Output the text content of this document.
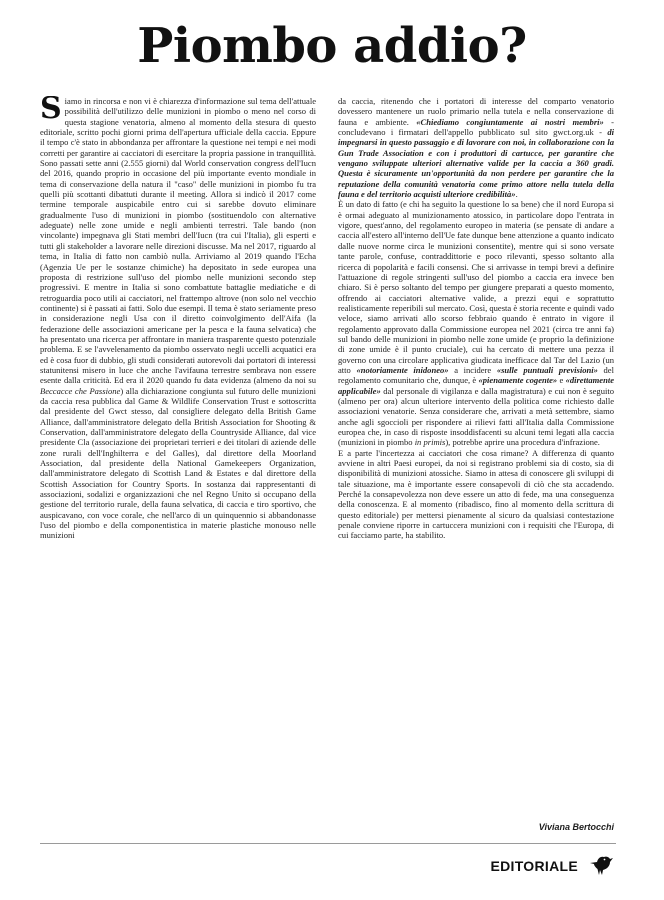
Piombo addio?

Siamo in rincorsa e non vi è chiarezza d'informazione sul tema dell'attuale possibilità dell'utilizzo delle munizioni in piombo o meno nel corso di questa stagione venatoria, almeno al momento della stesura di questo editoriale, scritto pochi giorni prima dell'apertura ufficiale della caccia. Eppure il tempo c'è stato in abbondanza per affrontare la questione nei tempi e nei modi corretti per garantire ai cacciatori di esercitare la propria passione in tranquillità. Sono passati sette anni (2.555 giorni) dal World conservation congress dell'Iucn del 2016, quando proprio in occasione del più importante evento mondiale in tema di conservazione della natura il "caso" delle munizioni in piombo fu tra quelli più scottanti dibattuti durante il meeting. Allora si indicò il 2017 come termine temporale auspicabile entro cui si sarebbe dovuto eliminare gradualmente l'uso di munizioni in piombo (sostituendolo con alternative adeguate) nelle zone umide e negli ambienti terrestri. Tale bando (non vincolante) impegnava gli Stati membri dell'Iucn (tra cui l'Italia), gli esperti e tutti gli stakeholder a lavorare nelle direzioni discusse. Ma nel 2017, riguardo al tema, in Italia di fatto non cambiò nulla. Arriviamo al 2019 quando l'Echa (Agenzia Ue per le sostanze chimiche) ha depositato in sede europea una proposta di restrizione sull'uso del piombo nelle munizioni secondo step progressivi. E mentre in Italia si sono combattute battaglie mediatiche e di retroguardia poco utili ai cacciatori, nel frattempo altrove (non solo nel vecchio continente) si è passati ai fatti. Solo due esempi. Il tema è stato seriamente preso in considerazione negli Usa con il diretto coinvolgimento dell'Aifa (la federazione delle associazioni americane per la pesca e la fauna selvatica) che ha presentato una ricerca per affrontare in maniera trasparente questo potenziale problema. E se l'avvelenamento da piombo osservato negli uccelli acquatici era ed è cosa fuor di dubbio, gli studi considerati autorevoli dai portatori di interessi statunitensi misero in luce che anche l'avifauna terrestre sembrava non essere esente dalla criticità. Ed era il 2020 quando fu data evidenza (almeno da noi su Beccacce che Passione) alla dichiarazione congiunta sul futuro delle munizioni da caccia resa pubblica dal Game & Wildlife Conservation Trust e sottoscritta dal presidente del Gwct stesso, dal consigliere delegato della British Game Alliance, dall'amministratore delegato della British Association for Shooting & Conservation, dall'amministratore delegato della Countryside Alliance, dal vice presidente Cla (associazione dei proprietari terrieri e dei titolari di aziende delle zone rurali dell'Inghilterra e del Galles), dal direttore della Moorland Association, dal presidente della National Gamekeepers Organization, dall'amministratore delegato di Scottish Land & Estates e dal direttore della Scottish Association for Country Sports. In sostanza dai rappresentanti di associazioni, sodalizi e organizzazioni che nel Regno Unito si occupano della gestione del territorio rurale, della fauna selvatica, di caccia e tiro sportivo, che auspicavano, con voce corale, che nell'arco di un quinquennio si abbandonasse l'uso del piombo e della componentistica in materie plastiche monouso nelle munizioni

da caccia, ritenendo che i portatori di interesse del comparto venatorio dovessero mantenere un ruolo primario nella tutela e nella conservazione di fauna e ambiente. «Chiediamo congiuntamente ai nostri membri» - concludevano i firmatari dell'appello pubblicato sul sito gwct.org.uk - di impegnarsi in questo passaggio e di lavorare con noi, in collaborazione con la Gun Trade Association e con i produttori di cartucce, per garantire che vengano sviluppate ulteriori alternative valide per la caccia a 360 gradi. Questa è sicuramente un'opportunità da non perdere per garantire che la reputazione della comunità venatoria come primo attore nella tutela della fauna e del territorio acquisti ulteriore credibilità».

È un dato di fatto (e chi ha seguito la questione lo sa bene) che il nord Europa si è ormai adeguato al munizionamento atossico, in particolare dopo l'entrata in vigore, quest'anno, del regolamento europeo in materia (se pensate di andare a caccia all'estero all'interno dell'Ue fate dunque bene attenzione a quanto indicato dalle nuove norme circa le munizioni consentite), mentre qui si sono versate tante parole, confuse, contraddittorie e poco rilevanti, spesso soltanto alla ricerca di popolarità e facili consensi. Che si arrivasse in tempi brevi a definire l'attuazione di regole stringenti sull'uso del piombo a caccia era invece ben chiaro. Si è perso soltanto del tempo per giungere preparati a questo momento, offrendo ai cacciatori alternative valide, a prezzi equi e soprattutto realisticamente reperibili sul mercato. Così, questa è storia recente e quindi vado veloce, siamo arrivati allo scorso febbraio quando è entrato in vigore il regolamento approvato dalla Commissione europea nel 2021 (circa tre anni fa) sul bando delle munizioni in piombo nelle zone umide (e proprio la definizione di zone umide è il punto cruciale), cui ha cercato di mettere una pezza il governo con una circolare applicativa giudicata inefficace dal Tar del Lazio (un atto «notoriamente inidoneo» a incidere «sulle puntuali previsioni» del regolamento comunitario che, dunque, è «pienamente cogente» e «direttamente applicabile» dal personale di vigilanza e dalla magistratura) e cui non è seguito (almeno per ora) alcun ulteriore intervento della politica come richiesto dalle associazioni venatorie. Senza considerare che, arrivati a metà settembre, siamo anche agli sgoccioli per rispondere ai rilievi fatti all'Italia dalla Commissione europea che, in caso di risposte insoddisfacenti su alcuni temi legati alla caccia (munizioni in piombo in primis), potrebbe aprire una procedura d'infrazione.

E a parte l'incertezza ai cacciatori che cosa rimane? A differenza di quanto avviene in altri Paesi europei, da noi si registrano problemi sia di costo, sia di disponibilità di munizioni atossiche. Siamo in attesa di conoscere gli sviluppi di tale situazione, ma è importante essere consapevoli di ciò che sta accadendo. Perché la consapevolezza non deve essere un atto di fede, ma una conseguenza della conoscenza. E al momento (ribadisco, fino al momento della scrittura di questo editoriale) per mettersi pienamente al sicuro da qualsiasi contestazione penale conviene riporre in cartuccera munizioni con i requisiti che l'Europa, di cui facciamo parte, ha stabilito.

Viviana Bertocchi

EDITORIALE
